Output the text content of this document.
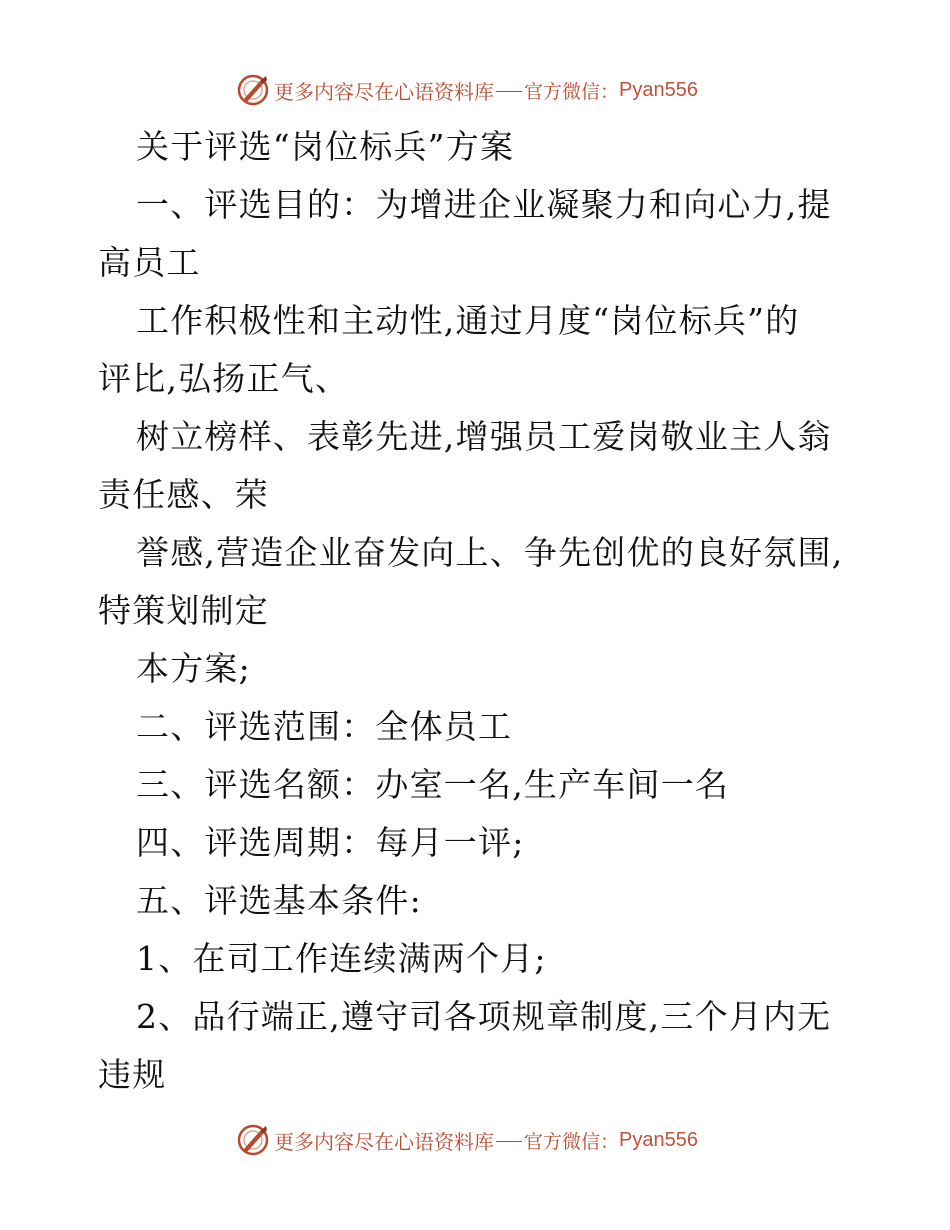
更多内容尽在心语资料库 官方微信： Pyan556
关于评选“岗位标兵”方案
一、评选目的：为增进企业凝聚力和向心力,提
高员工
工作积极性和主动性,通过月度“岗位标兵”的
评比,弘扬正气、
树立榜样、表彰先进,增强员工爱岗敬业主人翁
责任感、荣
誉感,营造企业奋发向上、争先创优的良好氛围,
特策划制定
本方案;
二、评选范围：全体员工
三、评选名额：办室一名,生产车间一名
四、评选周期：每月一评;
五、评选基本条件:
1、在司工作连续满两个月;
2、品行端正,遵守司各项规章制度,三个月内无
违规
更多内容尽在心语资料库 官方微信： Pyan556
